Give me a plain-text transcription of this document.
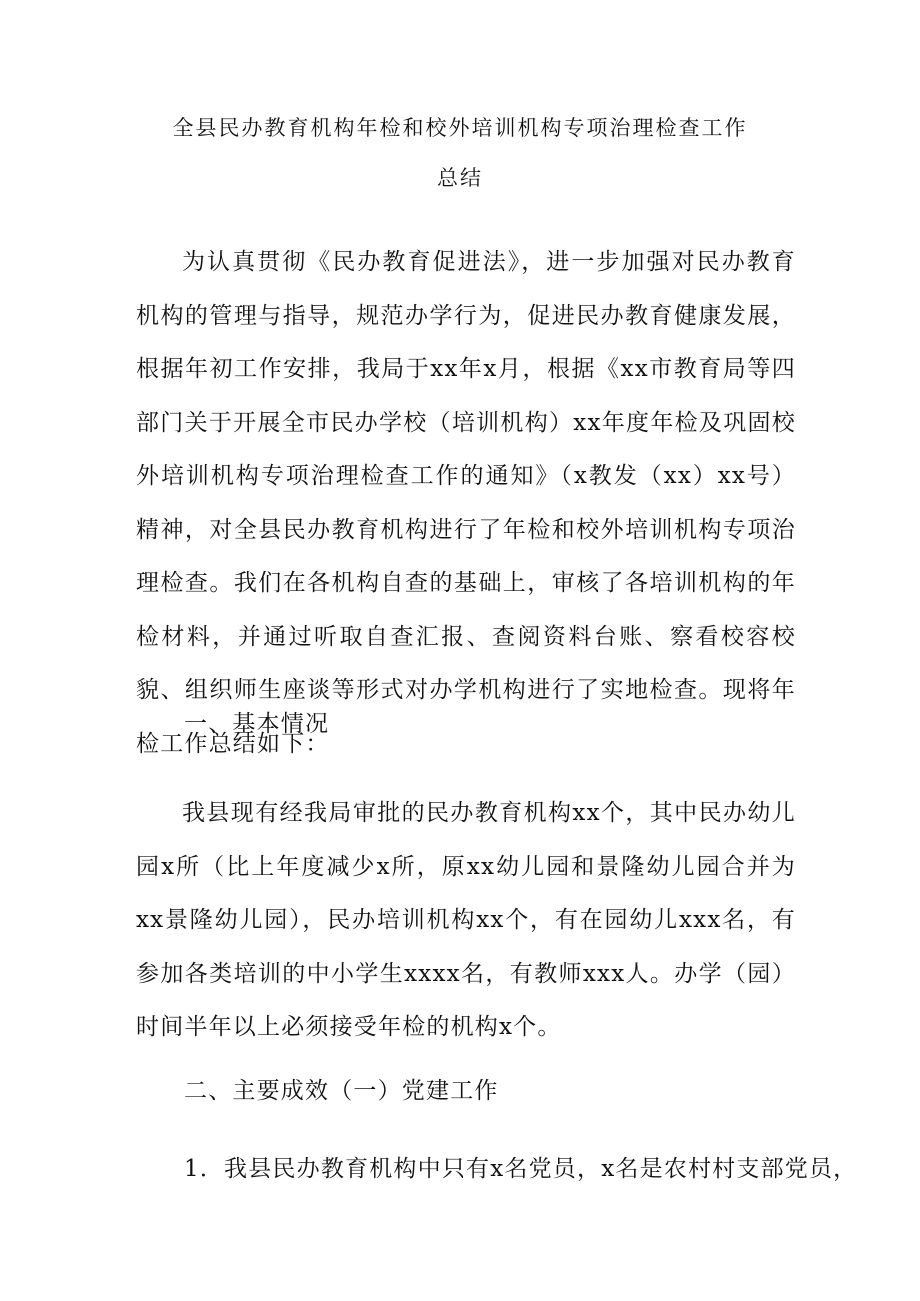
全县民办教育机构年检和校外培训机构专项治理检查工作
总结

为认真贯彻《民办教育促进法》，进一步加强对民办教育机构的管理与指导，规范办学行为，促进民办教育健康发展，根据年初工作安排，我局于xx年x月，根据《xx市教育局等四部门关于开展全市民办学校（培训机构）xx年度年检及巩固校外培训机构专项治理检查工作的通知》（x教发（xx）xx号）精神，对全县民办教育机构进行了年检和校外培训机构专项治理检查。我们在各机构自查的基础上，审核了各培训机构的年检材料，并通过听取自查汇报、查阅资料台账、察看校容校貌、组织师生座谈等形式对办学机构进行了实地检查。现将年检工作总结如下：

一、基本情况

我县现有经我局审批的民办教育机构xx个，其中民办幼儿园x所（比上年度减少x所，原xx幼儿园和景隆幼儿园合并为xx景隆幼儿园），民办培训机构xx个，有在园幼儿xxx名，有参加各类培训的中小学生xxxx名，有教师xxx人。办学（园）时间半年以上必须接受年检的机构x个。

二、主要成效（一）党建工作

1．我县民办教育机构中只有x名党员，x名是农村村支部党员，
